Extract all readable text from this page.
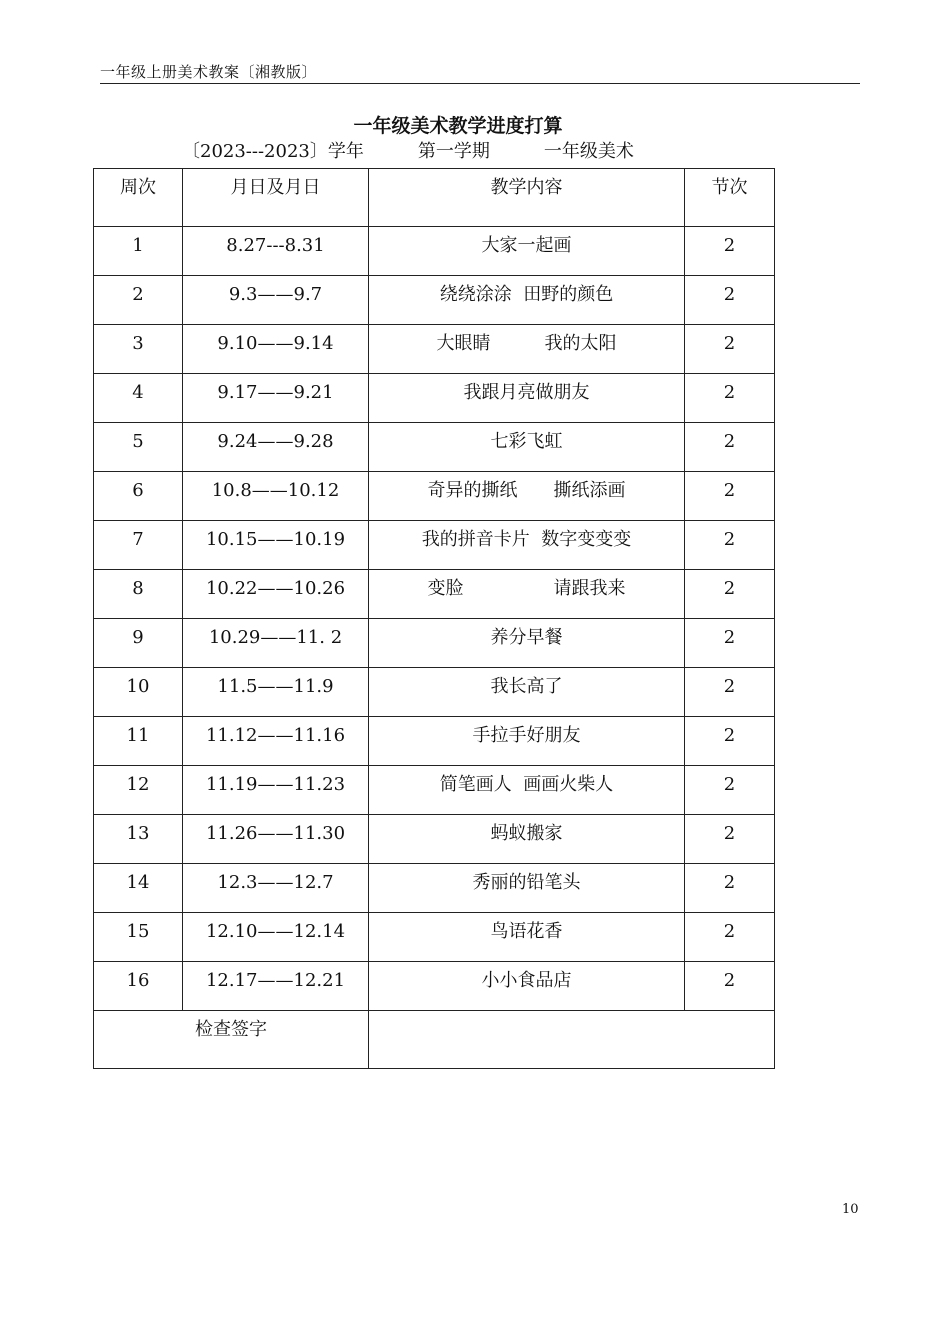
一年级上册美术教案〔湘教版〕
一年级美术教学进度打算
〔2023---2023〕学年　　　第一学期　　　一年级美术
周次	月日及月日	教学内容	节次
1	8.27---8.31	大家一起画	2
2	9.3——9.7	绕绕涂涂  田野的颜色	2
3	9.10——9.14	大眼睛　　　我的太阳	2
4	9.17——9.21	我跟月亮做朋友	2
5	9.24——9.28	七彩飞虹	2
6	10.8——10.12	奇异的撕纸　　撕纸添画	2
7	10.15——10.19	我的拼音卡片  数字变变变	2
8	10.22——10.26	变脸　　　　　请跟我来	2
9	10.29——11. 2	养分早餐	2
10	11.5——11.9	我长高了	2
11	11.12——11.16	手拉手好朋友	2
12	11.19——11.23	简笔画人  画画火柴人	2
13	11.26——11.30	蚂蚁搬家	2
14	12.3——12.7	秀丽的铅笔头	2
15	12.10——12.14	鸟语花香	2
16	12.17——12.21	小小食品店	2
检查签字			
10
